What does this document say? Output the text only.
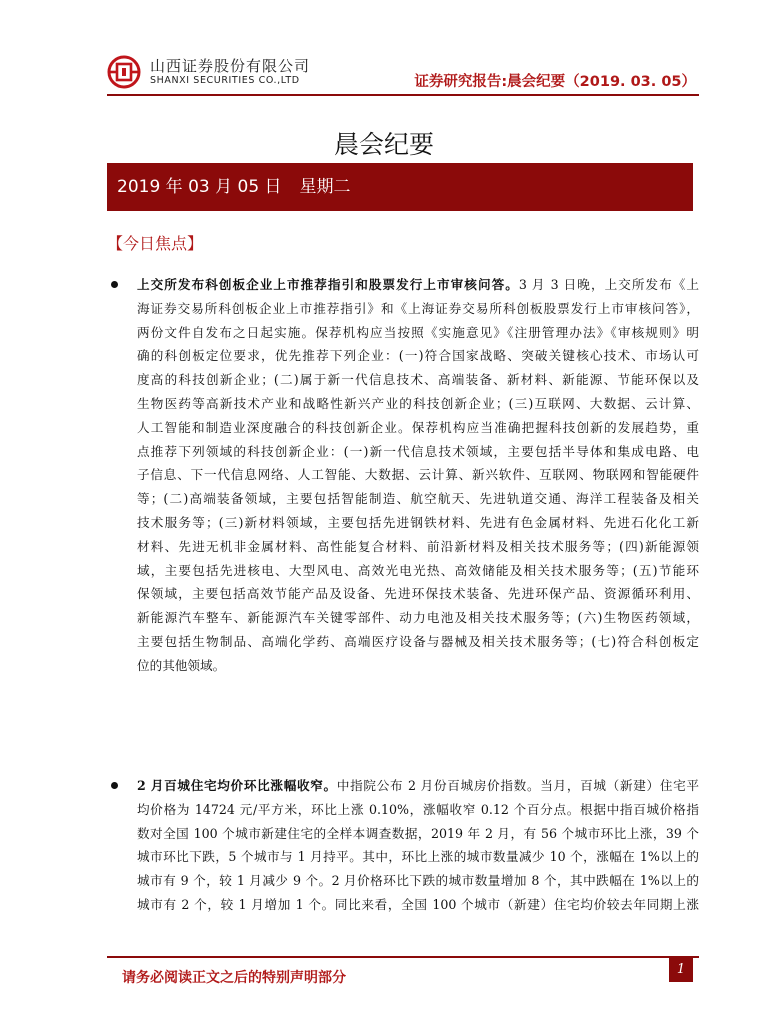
山西证券股份有限公司
SHANXI SECURITIES CO.,LTD	证券研究报告:晨会纪要（2019. 03. 05）
晨会纪要
2019 年 03 月 05 日 星期二
【今日焦点】
上交所发布科创板企业上市推荐指引和股票发行上市审核问答。3 月 3 日晚，上交所发布《上
海证券交易所科创板企业上市推荐指引》和《上海证券交易所科创板股票发行上市审核问答》，
两份文件自发布之日起实施。保荐机构应当按照《实施意见》《注册管理办法》《审核规则》明
确的科创板定位要求，优先推荐下列企业：(一)符合国家战略、突破关键核心技术、市场认可
度高的科技创新企业；(二)属于新一代信息技术、高端装备、新材料、新能源、节能环保以及
生物医药等高新技术产业和战略性新兴产业的科技创新企业；(三)互联网、大数据、云计算、
人工智能和制造业深度融合的科技创新企业。保荐机构应当准确把握科技创新的发展趋势，重
点推荐下列领域的科技创新企业：(一)新一代信息技术领域，主要包括半导体和集成电路、电
子信息、下一代信息网络、人工智能、大数据、云计算、新兴软件、互联网、物联网和智能硬件
等；(二)高端装备领域，主要包括智能制造、航空航天、先进轨道交通、海洋工程装备及相关
技术服务等；(三)新材料领域，主要包括先进钢铁材料、先进有色金属材料、先进石化化工新
材料、先进无机非金属材料、高性能复合材料、前沿新材料及相关技术服务等；(四)新能源领
域，主要包括先进核电、大型风电、高效光电光热、高效储能及相关技术服务等；(五)节能环
保领域，主要包括高效节能产品及设备、先进环保技术装备、先进环保产品、资源循环利用、
新能源汽车整车、新能源汽车关键零部件、动力电池及相关技术服务等；(六)生物医药领域，
主要包括生物制品、高端化学药、高端医疗设备与器械及相关技术服务等；(七)符合科创板定
位的其他领域。
2 月百城住宅均价环比涨幅收窄。中指院公布 2 月份百城房价指数。当月，百城（新建）住宅平
均价格为 14724 元/平方米，环比上涨 0.10%，涨幅收窄 0.12 个百分点。根据中指百城价格指
数对全国 100 个城市新建住宅的全样本调查数据，2019 年 2 月，有 56 个城市环比上涨，39 个
城市环比下跌，5 个城市与 1 月持平。其中，环比上涨的城市数量减少 10 个，涨幅在 1%以上的
城市有 9 个，较 1 月减少 9 个。2 月价格环比下跌的城市数量增加 8 个，其中跌幅在 1%以上的
城市有 2 个，较 1 月增加 1 个。同比来看，全国 100 个城市（新建）住宅均价较去年同期上涨
请务必阅读正文之后的特别声明部分
1
